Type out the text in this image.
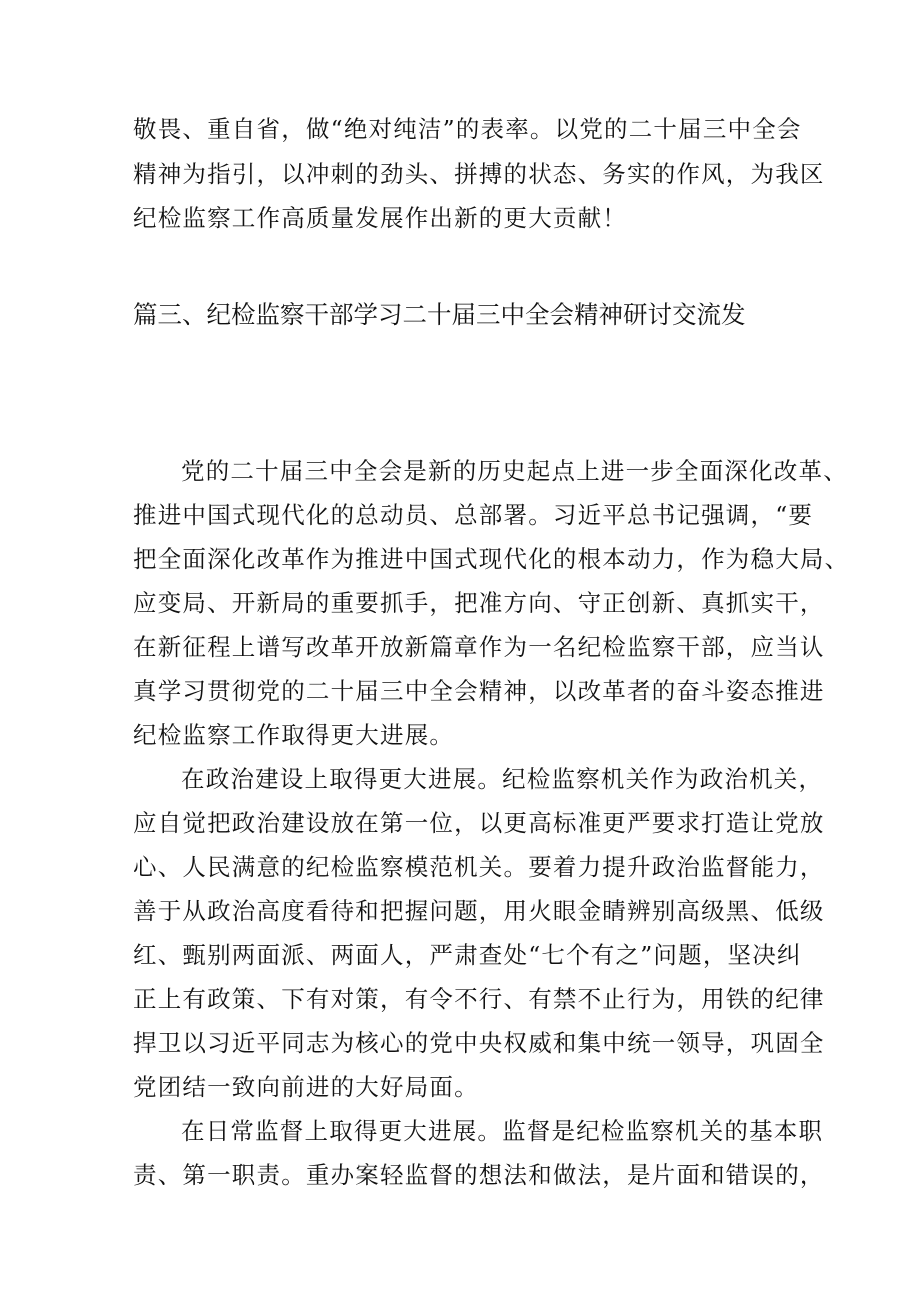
敬畏、重自省，做“绝对纯洁”的表率。以党的二十届三中全会
精神为指引，以冲刺的劲头、拼搏的状态、务实的作风，为我区
纪检监察工作高质量发展作出新的更大贡献！
篇三、纪检监察干部学习二十届三中全会精神研讨交流发
党的二十届三中全会是新的历史起点上进一步全面深化改革、
推进中国式现代化的总动员、总部署。习近平总书记强调，“要
把全面深化改革作为推进中国式现代化的根本动力，作为稳大局、
应变局、开新局的重要抓手，把准方向、守正创新、真抓实干，
在新征程上谱写改革开放新篇章作为一名纪检监察干部，应当认
真学习贯彻党的二十届三中全会精神，以改革者的奋斗姿态推进
纪检监察工作取得更大进展。
在政治建设上取得更大进展。纪检监察机关作为政治机关，
应自觉把政治建设放在第一位，以更高标准更严要求打造让党放
心、人民满意的纪检监察模范机关。要着力提升政治监督能力，
善于从政治高度看待和把握问题，用火眼金睛辨别高级黑、低级
红、甄别两面派、两面人，严肃查处“七个有之”问题，坚决纠
正上有政策、下有对策，有令不行、有禁不止行为，用铁的纪律
捍卫以习近平同志为核心的党中央权威和集中统一领导，巩固全
党团结一致向前进的大好局面。
在日常监督上取得更大进展。监督是纪检监察机关的基本职
责、第一职责。重办案轻监督的想法和做法，是片面和错误的，
